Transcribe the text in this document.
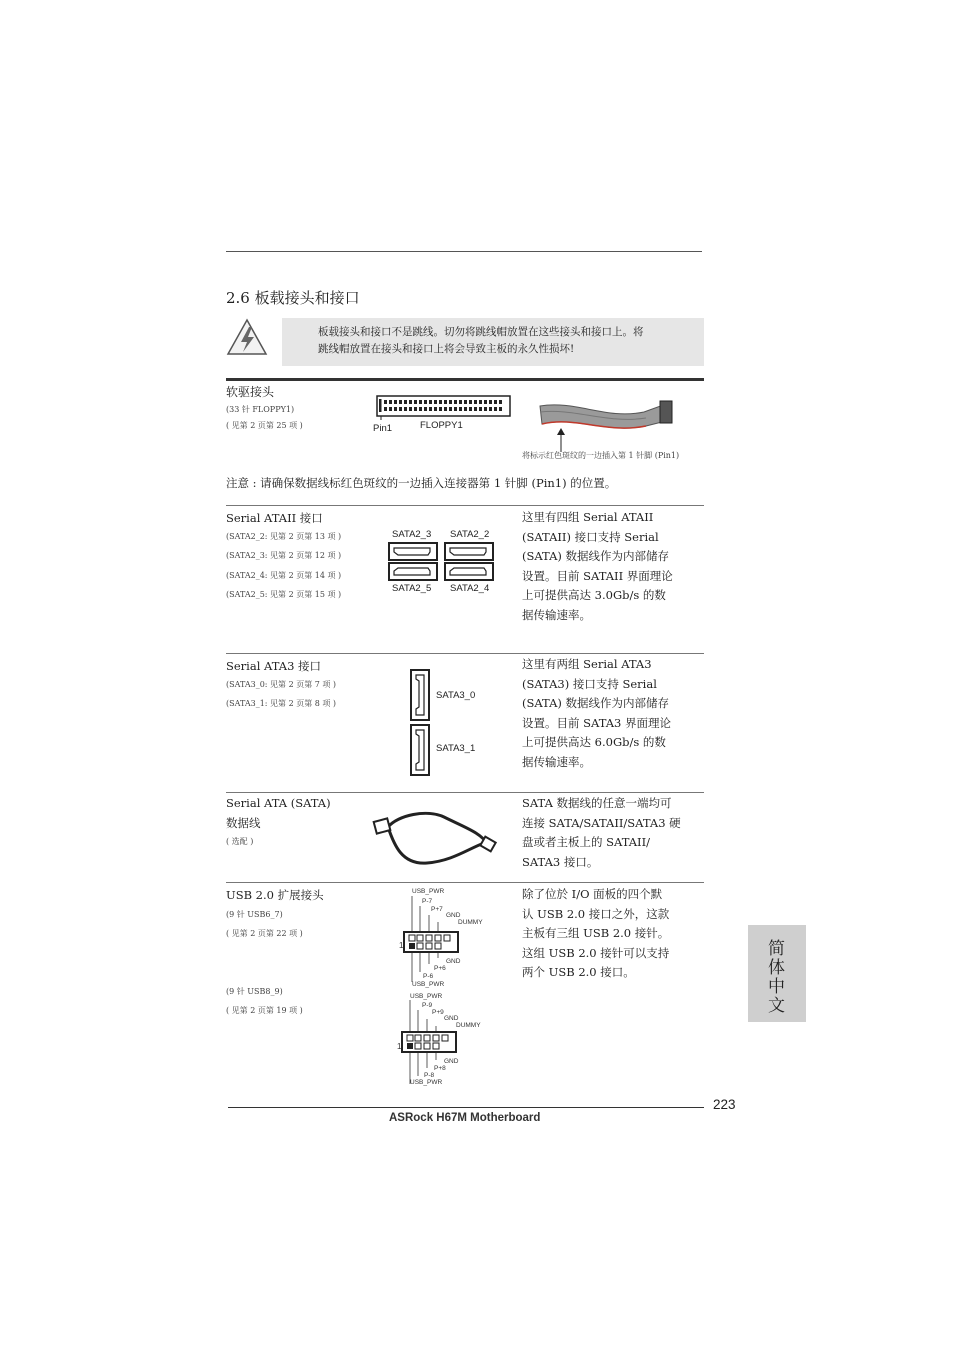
2.6 板载接头和接口
板载接头和接口不是跳线。切勿将跳线帽放置在这些接头和接口上。将
跳线帽放置在接头和接口上将会导致主板的永久性损坏!
软驱接头
(33 针 FLOPPY1)
( 见第 2 页第 25 项 )	Pin1	FLOPPY1
将标示红色斑纹的一边插入第 1 针脚 (Pin1)
注意 : 请确保数据线标红色斑纹的一边插入连接器第 1 针脚 (Pin1) 的位置。
Serial ATAII 接口
(SATA2_2: 见第 2 页第 13 项 )
(SATA2_3: 见第 2 页第 12 项 )
(SATA2_4: 见第 2 页第 14 项 )
(SATA2_5: 见第 2 页第 15 项 )
SATA2_3 SATA2_2
SATA2_5 SATA2_4
这里有四组 Serial ATAII
(SATAII) 接口支持 Serial
(SATA) 数据线作为内部储存
设置。目前 SATAII 界面理论
上可提供高达 3.0Gb/s 的数
据传输速率。
Serial ATA3 接口
(SATA3_0: 见第 2 页第 7 项 )
(SATA3_1: 见第 2 页第 8 项 )
SATA3_0
SATA3_1
这里有两组 Serial ATA3
(SATA3) 接口支持 Serial
(SATA) 数据线作为内部储存
设置。目前 SATA3 界面理论
上可提供高达 6.0Gb/s 的数
据传输速率。
Serial ATA (SATA)
数据线
( 选配 )
SATA 数据线的任意一端均可
连接 SATA/SATAII/SATA3 硬
盘或者主板上的 SATAII/
SATA3 接口。
USB 2.0 扩展接头
(9 针 USB6_7)
( 见第 2 页第 22 项 )
(9 针 USB8_9)
( 见第 2 页第 19 项 )
USB_PWR
P-7
P+7
GND
DUMMY
1
GND
P+6
P-6
USB_PWR
USB_PWR
P-9
P+9
GND
DUMMY
1
GND
P+8
P-8
USB_PWR
除了位於 I/O 面板的四个默
认 USB 2.0 接口之外，这款
主板有三组 USB 2.0 接针。
这组 USB 2.0 接针可以支持
两个 USB 2.0 接口。	简体中文
223
ASRock H67M Motherboard
